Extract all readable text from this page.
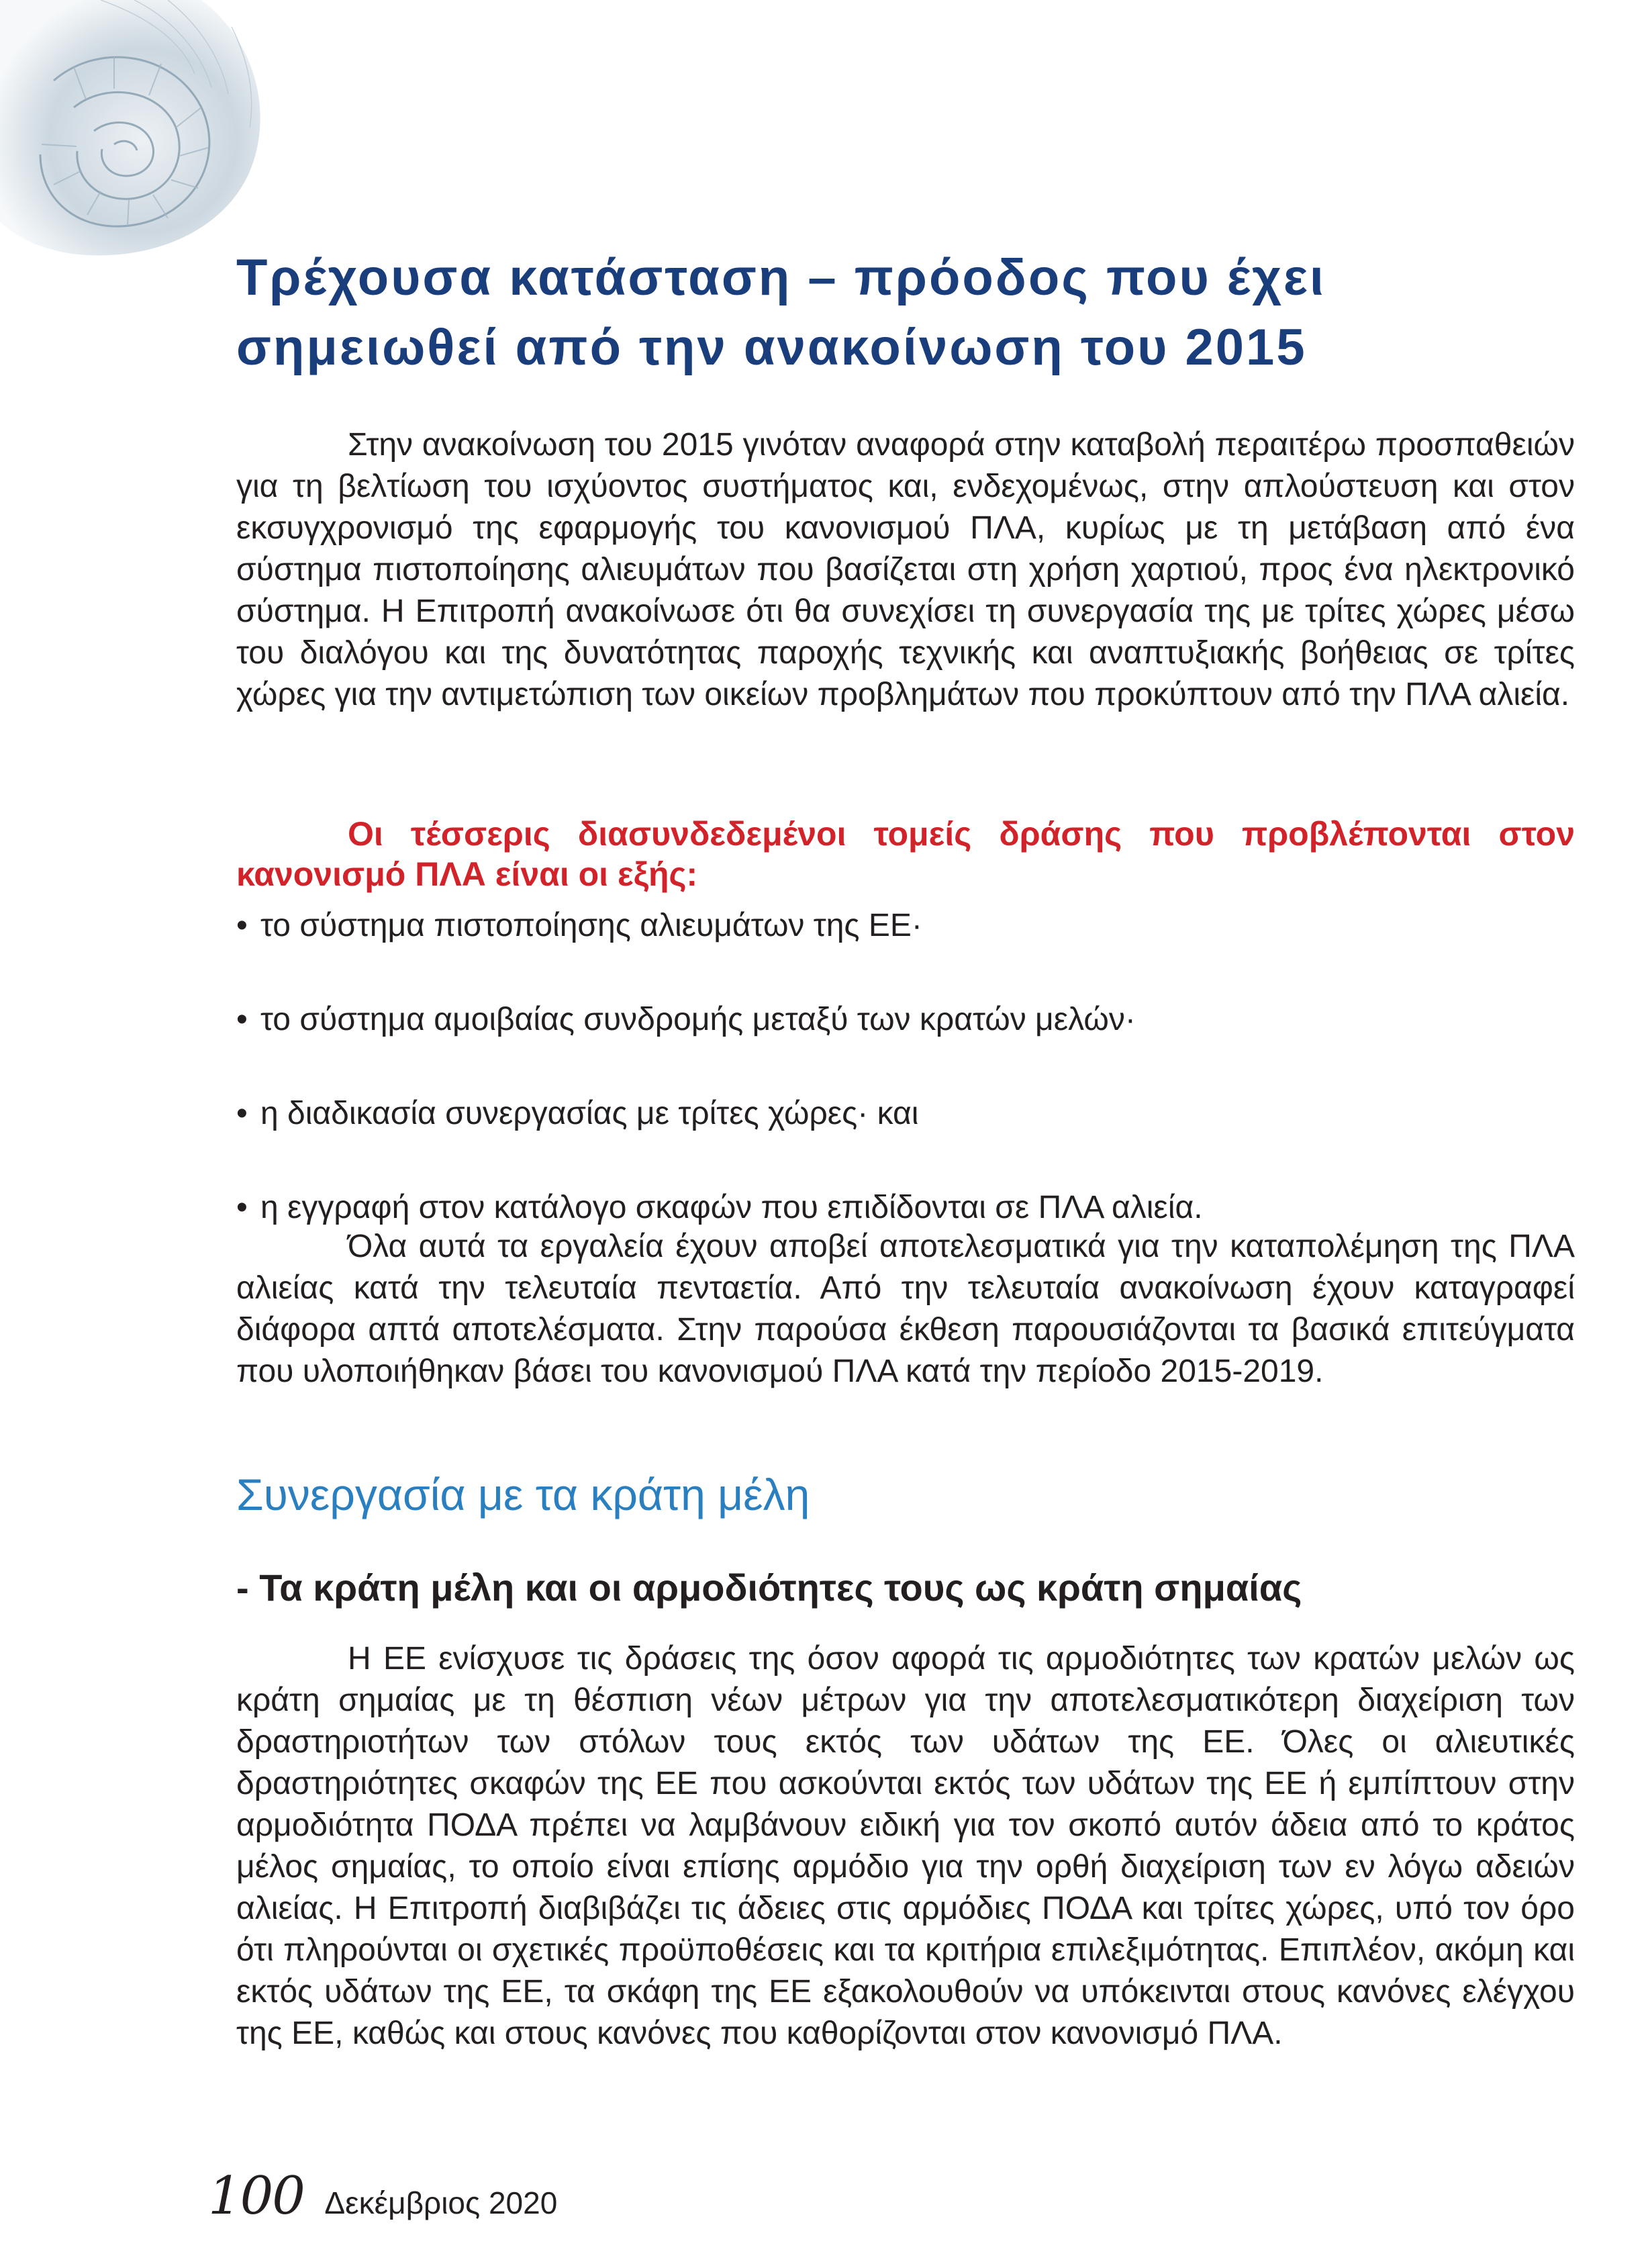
Τρέχουσα κατάσταση – πρόοδος που έχει
σημειωθεί από την ανακοίνωση του 2015

Στην ανακοίνωση του 2015 γινόταν αναφορά στην καταβολή περαιτέρω προσπαθειών για τη βελτίωση του ισχύοντος συστήματος και, ενδεχομένως, στην απλούστευση και στον εκσυγχρονισμό της εφαρμογής του κανονισμού ΠΛΑ, κυρίως με τη μετάβαση από ένα σύστημα πιστοποίησης αλιευμάτων που βασίζεται στη χρήση χαρτιού, προς ένα ηλεκτρονικό σύστημα. Η Επιτροπή ανακοίνωσε ότι θα συνεχίσει τη συνεργασία της με τρίτες χώρες μέσω του διαλόγου και της δυνατότητας παροχής τεχνικής και αναπτυξιακής βοήθειας σε τρίτες χώρες για την αντιμετώπιση των οικείων προβλημάτων που προκύπτουν από την ΠΛΑ αλιεία.

Οι τέσσερις διασυνδεδεμένοι τομείς δράσης που προβλέπονται στον κανονισμό ΠΛΑ είναι οι εξής:

• το σύστημα πιστοποίησης αλιευμάτων της ΕΕ·
• το σύστημα αμοιβαίας συνδρομής μεταξύ των κρατών μελών·
• η διαδικασία συνεργασίας με τρίτες χώρες· και
• η εγγραφή στον κατάλογο σκαφών που επιδίδονται σε ΠΛΑ αλιεία.

Όλα αυτά τα εργαλεία έχουν αποβεί αποτελεσματικά για την καταπολέμηση της ΠΛΑ αλιείας κατά την τελευταία πενταετία. Από την τελευταία ανακοίνωση έχουν καταγραφεί διάφορα απτά αποτελέσματα. Στην παρούσα έκθεση παρουσιάζονται τα βασικά επιτεύγματα που υλοποιήθηκαν βάσει του κανονισμού ΠΛΑ κατά την περίοδο 2015-2019.

Συνεργασία με τα κράτη μέλη
- Τα κράτη μέλη και οι αρμοδιότητες τους ως κράτη σημαίας

Η ΕΕ ενίσχυσε τις δράσεις της όσον αφορά τις αρμοδιότητες των κρατών μελών ως κράτη σημαίας με τη θέσπιση νέων μέτρων για την αποτελεσματικότερη διαχείριση των δραστηριοτήτων των στόλων τους εκτός των υδάτων της ΕΕ. Όλες οι αλιευτικές δραστηριότητες σκαφών της ΕΕ που ασκούνται εκτός των υδάτων της ΕΕ ή εμπίπτουν στην αρμοδιότητα ΠΟΔΑ πρέπει να λαμβάνουν ειδική για τον σκοπό αυτόν άδεια από το κράτος μέλος σημαίας, το οποίο είναι επίσης αρμόδιο για την ορθή διαχείριση των εν λόγω αδειών αλιείας. Η Επιτροπή διαβιβάζει τις άδειες στις αρμόδιες ΠΟΔΑ και τρίτες χώρες, υπό τον όρο ότι πληρούνται οι σχετικές προϋποθέσεις και τα κριτήρια επιλεξιμότητας. Επιπλέον, ακόμη και εκτός υδάτων της ΕΕ, τα σκάφη της ΕΕ εξακολουθούν να υπόκεινται στους κανόνες ελέγχου της ΕΕ, καθώς και στους κανόνες που καθορίζονται στον κανονισμό ΠΛΑ.

100 Δεκέμβριος 2020
